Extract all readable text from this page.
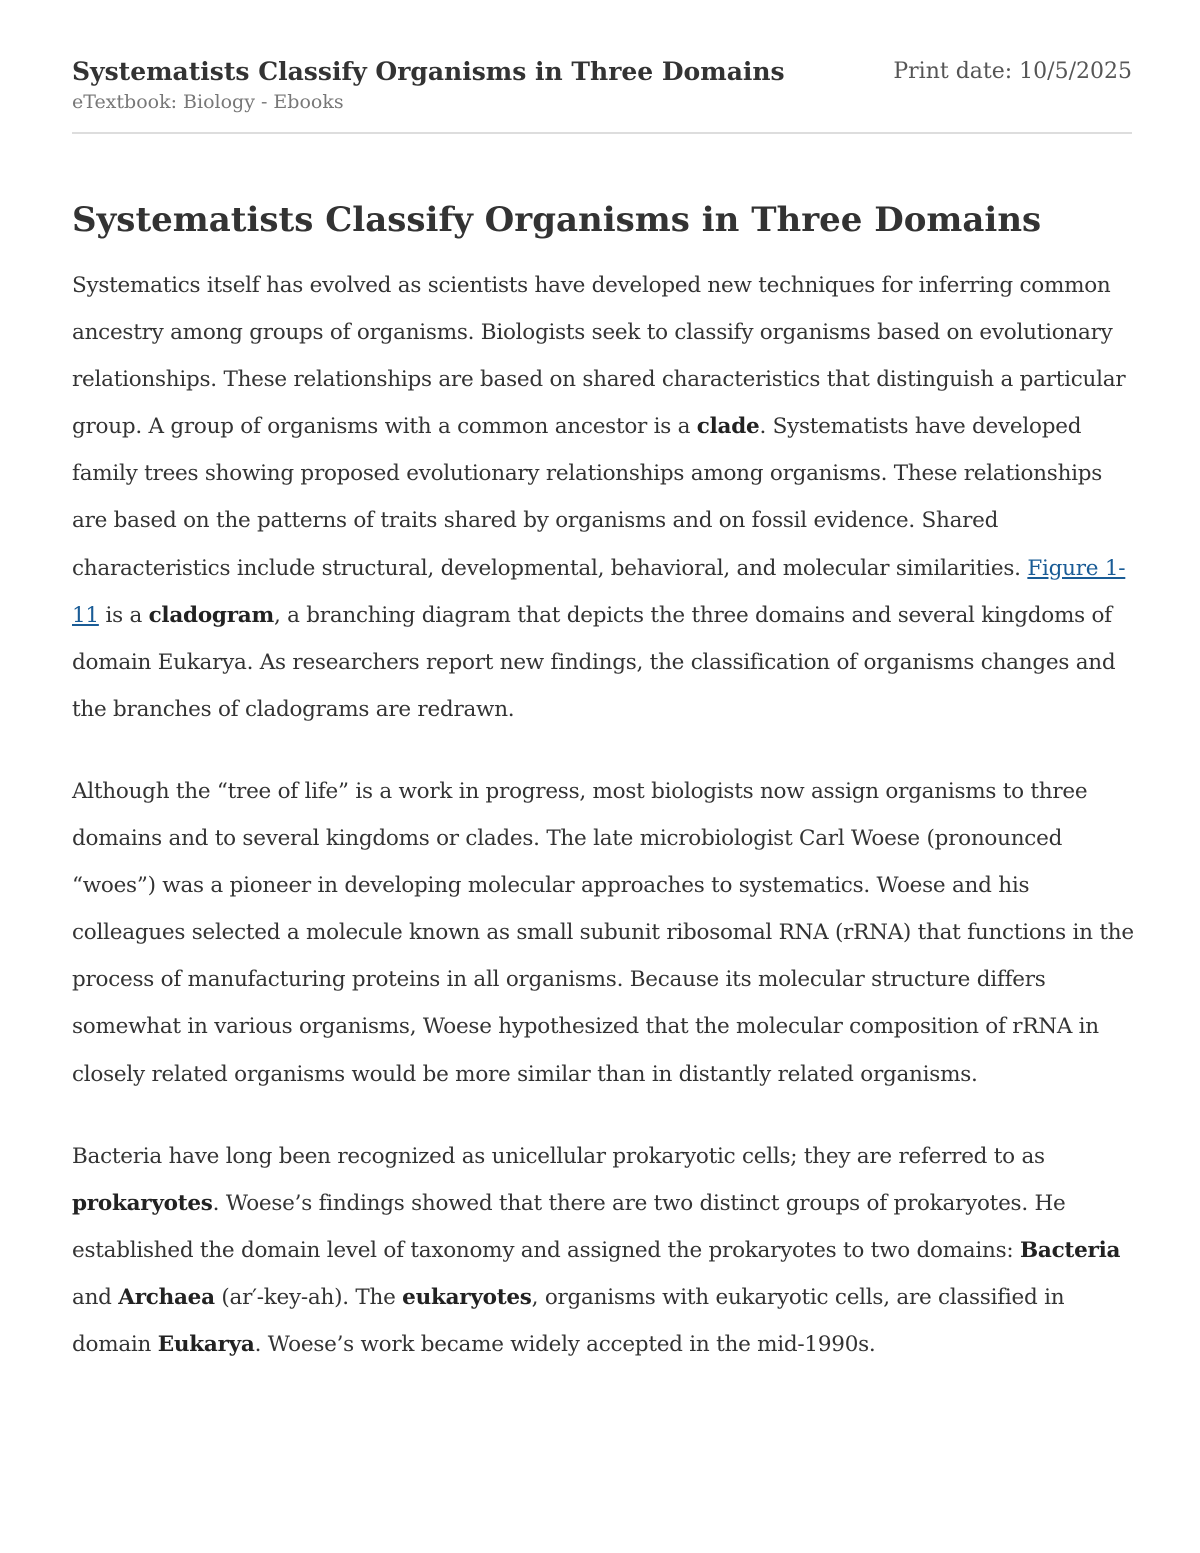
Systematists Classify Organisms in Three Domains
eTextbook: Biology - Ebooks
Print date: 10/5/2025
Systematists Classify Organisms in Three Domains

Systematics itself has evolved as scientists have developed new techniques for inferring common ancestry among groups of organisms. Biologists seek to classify organisms based on evolutionary relationships. These relationships are based on shared characteristics that distinguish a particular group. A group of organisms with a common ancestor is a clade. Systematists have developed family trees showing proposed evolutionary relationships among organisms. These relationships are based on the patterns of traits shared by organisms and on fossil evidence. Shared characteristics include structural, developmental, behavioral, and molecular similarities. Figure 1-11 is a cladogram, a branching diagram that depicts the three domains and several kingdoms of domain Eukarya. As researchers report new findings, the classification of organisms changes and the branches of cladograms are redrawn.

Although the “tree of life” is a work in progress, most biologists now assign organisms to three domains and to several kingdoms or clades. The late microbiologist Carl Woese (pronounced “woes”) was a pioneer in developing molecular approaches to systematics. Woese and his colleagues selected a molecule known as small subunit ribosomal RNA (rRNA) that functions in the process of manufacturing proteins in all organisms. Because its molecular structure differs somewhat in various organisms, Woese hypothesized that the molecular composition of rRNA in closely related organisms would be more similar than in distantly related organisms.

Bacteria have long been recognized as unicellular prokaryotic cells; they are referred to as prokaryotes. Woese’s findings showed that there are two distinct groups of prokaryotes. He established the domain level of taxonomy and assigned the prokaryotes to two domains: Bacteria and Archaea (ar′-key-ah). The eukaryotes, organisms with eukaryotic cells, are classified in domain Eukarya. Woese’s work became widely accepted in the mid-1990s.
